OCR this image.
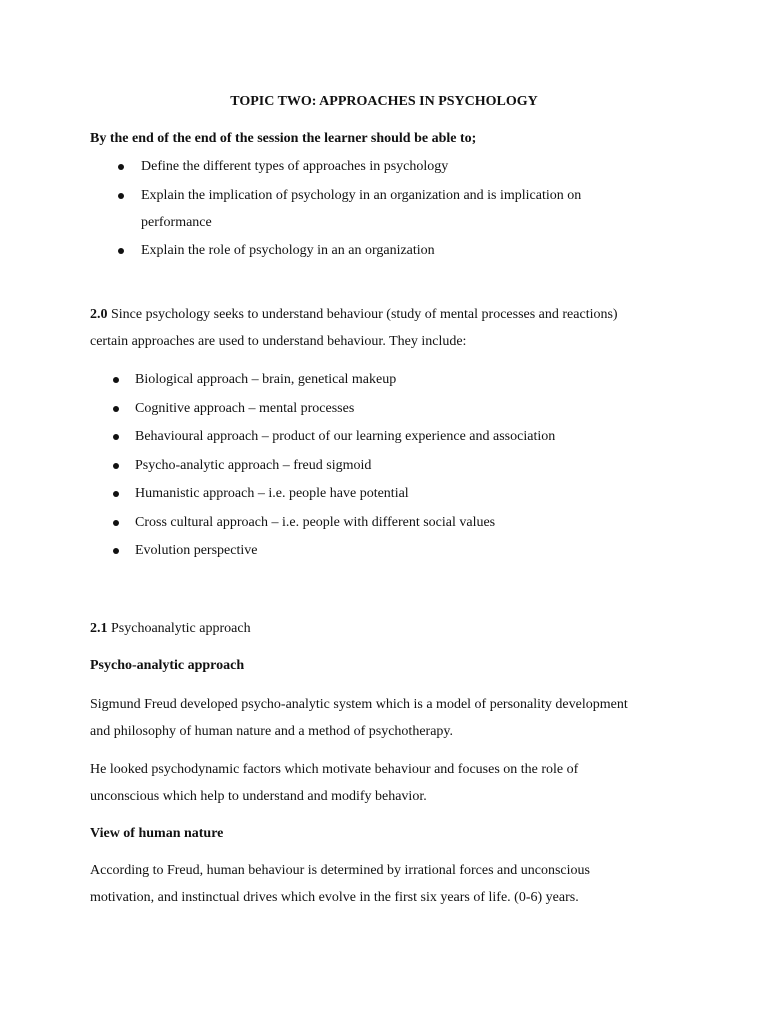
TOPIC TWO: APPROACHES IN PSYCHOLOGY
By the end of the end of the session the learner should be able to;
Define the different types of approaches in psychology
Explain the implication of psychology in an organization and is implication on
performance
Explain the role of psychology in an an organization
2.0 Since psychology seeks to understand behaviour (study of mental processes and reactions)
certain approaches are used to understand behaviour. They include:
Biological approach – brain, genetical makeup
Cognitive approach – mental processes
Behavioural approach – product of our learning experience and association
Psycho-analytic approach – freud sigmoid
Humanistic approach – i.e. people have potential
Cross cultural approach – i.e. people with different social values
Evolution perspective
2.1 Psychoanalytic approach
Psycho-analytic approach
Sigmund Freud developed psycho-analytic system which is a model of personality development
and philosophy of human nature and a method of psychotherapy.
He looked psychodynamic factors which motivate behaviour and focuses on the role of
unconscious which help to understand and modify behavior.
View of human nature
According to Freud, human behaviour is determined by irrational forces and unconscious
motivation, and instinctual drives which evolve in the first six years of life. (0-6) years.
